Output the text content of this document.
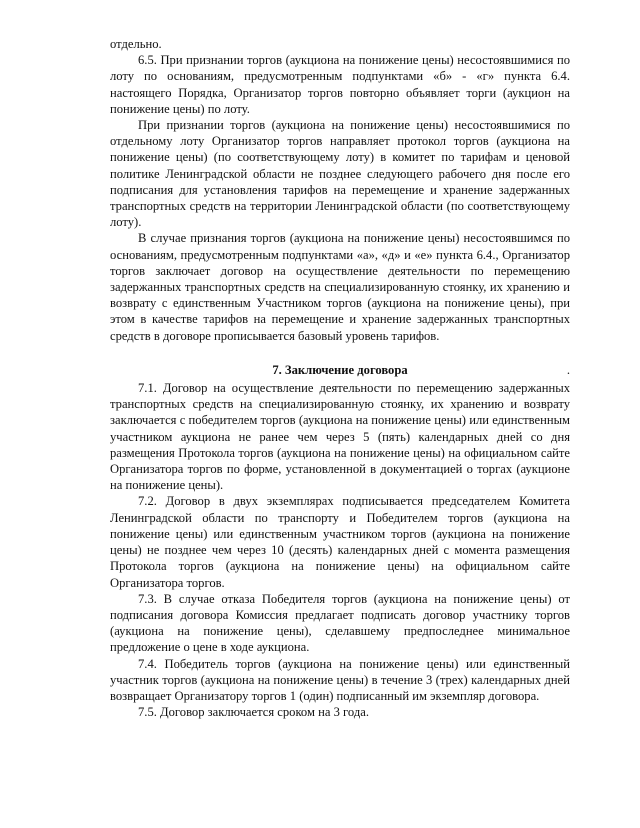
отдельно.

6.5. При признании торгов (аукциона на понижение цены) несостоявшимися по лоту по основаниям, предусмотренным подпунктами «б» - «г» пункта 6.4. настоящего Порядка, Организатор торгов повторно объявляет торги (аукцион на понижение цены) по лоту.

При признании торгов (аукциона на понижение цены) несостоявшимися по отдельному лоту Организатор торгов направляет протокол торгов (аукциона на понижение цены) (по соответствующему лоту) в комитет по тарифам и ценовой политике Ленинградской области не позднее следующего рабочего дня после его подписания для установления тарифов на перемещение и хранение задержанных транспортных средств на территории Ленинградской области (по соответствующему лоту).

В случае признания торгов (аукциона на понижение цены) несостоявшимся по основаниям, предусмотренным подпунктами «а», «д» и «е» пункта 6.4., Организатор торгов заключает договор на осуществление деятельности по перемещению задержанных транспортных средств на специализированную стоянку, их хранению и возврату с единственным Участником торгов (аукциона на понижение цены), при этом в качестве тарифов на перемещение и хранение задержанных транспортных средств в договоре прописывается базовый уровень тарифов.

7. Заключение договора	.

7.1. Договор на осуществление деятельности по перемещению задержанных транспортных средств на специализированную стоянку, их хранению и возврату заключается с победителем торгов (аукциона на понижение цены) или единственным участником аукциона не ранее чем через 5 (пять) календарных дней со дня размещения Протокола торгов (аукциона на понижение цены) на официальном сайте Организатора торгов по форме, установленной в документацией о торгах (аукционе на понижение цены).

7.2. Договор в двух экземплярах подписывается председателем Комитета Ленинградской области по транспорту и Победителем торгов (аукциона на понижение цены) или единственным участником торгов (аукциона на понижение цены) не позднее чем через 10 (десять) календарных дней с момента размещения Протокола торгов (аукциона на понижение цены) на официальном сайте Организатора торгов.

7.3. В случае отказа Победителя торгов (аукциона на понижение цены) от подписания договора Комиссия предлагает подписать договор участнику торгов (аукциона на понижение цены), сделавшему предпоследнее минимальное предложение о цене в ходе аукциона.

7.4. Победитель торгов (аукциона на понижение цены) или единственный участник торгов (аукциона на понижение цены) в течение 3 (трех) календарных дней возвращает Организатору торгов 1 (один) подписанный им экземпляр договора.

7.5. Договор заключается сроком на 3 года.
